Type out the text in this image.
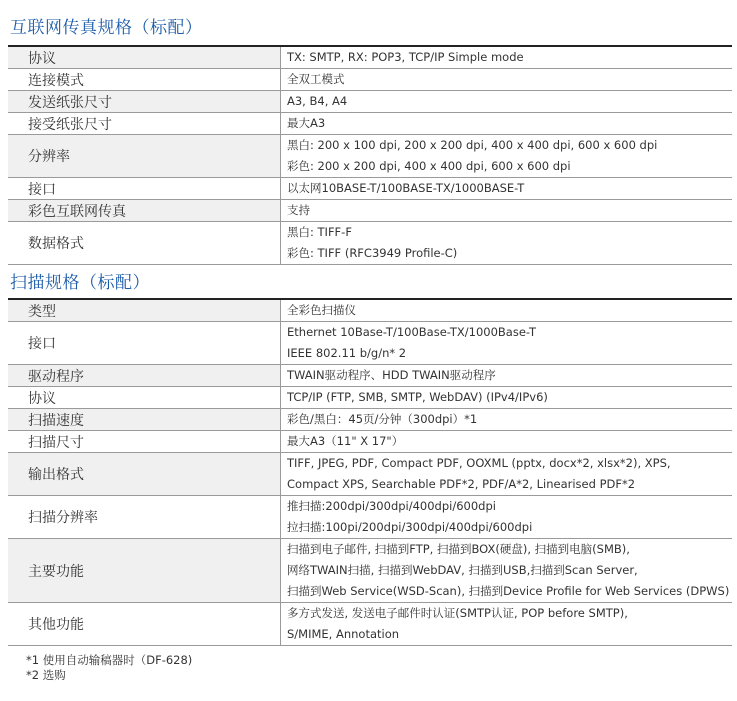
互联网传真规格（标配）
协议	TX: SMTP, RX: POP3, TCP/IP Simple mode

连接模式	全双工模式

发送纸张尺寸	A3, B4, A4

接受纸张尺寸	最大A3

分辨率	黑白: 200 x 100 dpi, 200 x 200 dpi, 400 x 400 dpi, 600 x 600 dpi
彩色: 200 x 200 dpi, 400 x 400 dpi, 600 x 600 dpi

接口	以太网10BASE-T/100BASE-TX/1000BASE-T

彩色互联网传真	支持

数据格式	黑白: TIFF-F
彩色: TIFF (RFC3949 Profile-C)
扫描规格（标配）
类型	全彩色扫描仪

接口	Ethernet 10Base-T/100Base-TX/1000Base-T
IEEE 802.11 b/g/n* 2

驱动程序	TWAIN驱动程序、HDD TWAIN驱动程序

协议	TCP/IP (FTP, SMB, SMTP, WebDAV) (IPv4/IPv6)

扫描速度	彩色/黑白：45页/分钟（300dpi）*1

扫描尺寸	最大A3（11" X 17"）

输出格式	TIFF, JPEG, PDF, Compact PDF, OOXML (pptx, docx*2, xlsx*2), XPS,
Compact XPS, Searchable PDF*2, PDF/A*2, Linearised PDF*2

扫描分辨率	推扫描:200dpi/300dpi/400dpi/600dpi
拉扫描:100pi/200dpi/300dpi/400dpi/600dpi

主要功能	扫描到电子邮件, 扫描到FTP, 扫描到BOX(硬盘), 扫描到电脑(SMB),
网络TWAIN扫描, 扫描到WebDAV, 扫描到USB,扫描到Scan Server,
扫描到Web Service(WSD-Scan), 扫描到Device Profile for Web Services (DPWS)

其他功能	多方式发送, 发送电子邮件时认证(SMTP认证, POP before SMTP),
S/MIME, Annotation
*1 使用自动输稿器时（DF-628)
*2 选购
